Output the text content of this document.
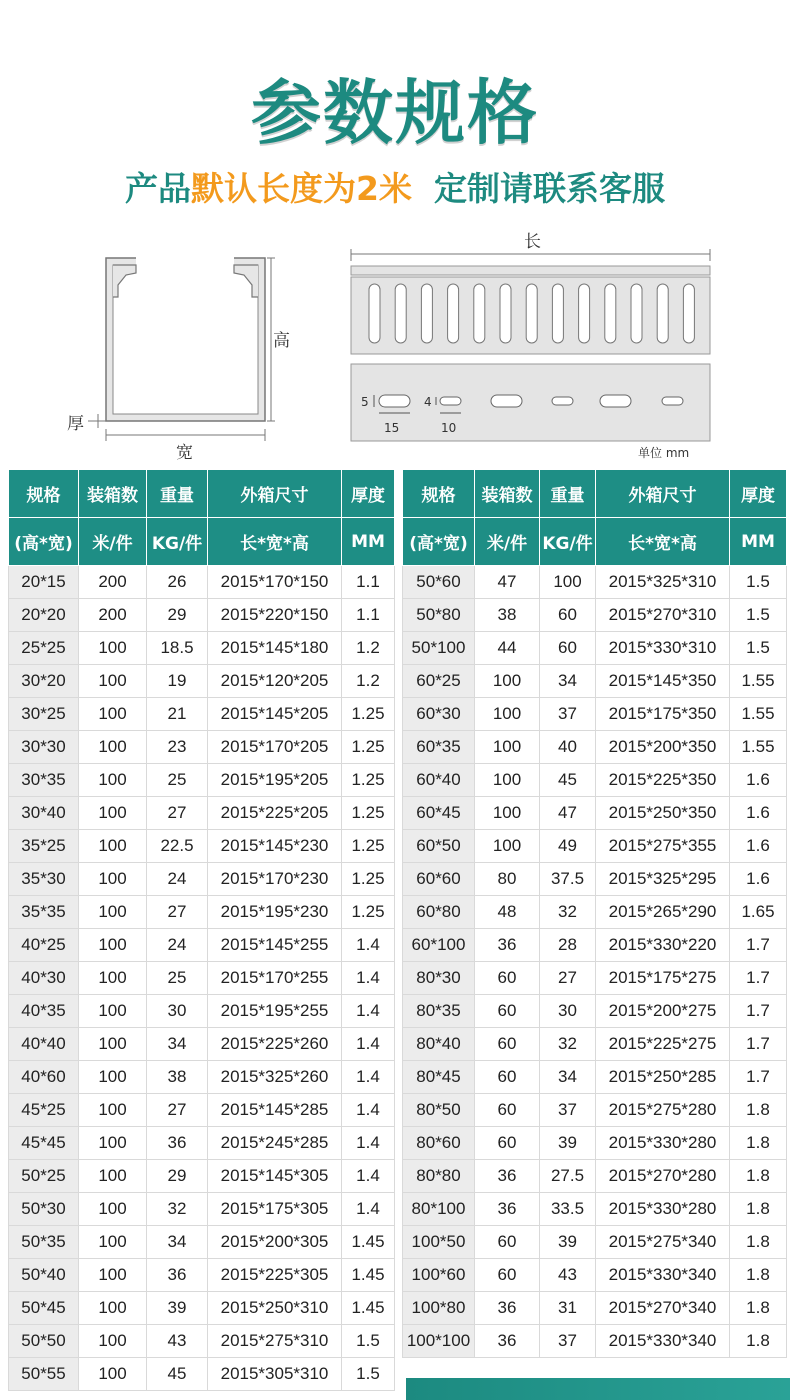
参数规格
产品默认长度为2米 定制请联系客服
高
宽
厚
长
5
15
4
10
单位 mm
规格	装箱数	重量	外箱尺寸	厚度
(高*宽)	米/件	KG/件	长*宽*高	MM
20*15	200	26	2015*170*150	1.1
20*20	200	29	2015*220*150	1.1
25*25	100	18.5	2015*145*180	1.2
30*20	100	19	2015*120*205	1.2
30*25	100	21	2015*145*205	1.25
30*30	100	23	2015*170*205	1.25
30*35	100	25	2015*195*205	1.25
30*40	100	27	2015*225*205	1.25
35*25	100	22.5	2015*145*230	1.25
35*30	100	24	2015*170*230	1.25
35*35	100	27	2015*195*230	1.25
40*25	100	24	2015*145*255	1.4
40*30	100	25	2015*170*255	1.4
40*35	100	30	2015*195*255	1.4
40*40	100	34	2015*225*260	1.4
40*60	100	38	2015*325*260	1.4
45*25	100	27	2015*145*285	1.4
45*45	100	36	2015*245*285	1.4
50*25	100	29	2015*145*305	1.4
50*30	100	32	2015*175*305	1.4
50*35	100	34	2015*200*305	1.45
50*40	100	36	2015*225*305	1.45
50*45	100	39	2015*250*310	1.45
50*50	100	43	2015*275*310	1.5
50*55	100	45	2015*305*310	1.5
规格	装箱数	重量	外箱尺寸	厚度
(高*宽)	米/件	KG/件	长*宽*高	MM
50*60	47	100	2015*325*310	1.5
50*80	38	60	2015*270*310	1.5
50*100	44	60	2015*330*310	1.5
60*25	100	34	2015*145*350	1.55
60*30	100	37	2015*175*350	1.55
60*35	100	40	2015*200*350	1.55
60*40	100	45	2015*225*350	1.6
60*45	100	47	2015*250*350	1.6
60*50	100	49	2015*275*355	1.6
60*60	80	37.5	2015*325*295	1.6
60*80	48	32	2015*265*290	1.65
60*100	36	28	2015*330*220	1.7
80*30	60	27	2015*175*275	1.7
80*35	60	30	2015*200*275	1.7
80*40	60	32	2015*225*275	1.7
80*45	60	34	2015*250*285	1.7
80*50	60	37	2015*275*280	1.8
80*60	60	39	2015*330*280	1.8
80*80	36	27.5	2015*270*280	1.8
80*100	36	33.5	2015*330*280	1.8
100*50	60	39	2015*275*340	1.8
100*60	60	43	2015*330*340	1.8
100*80	36	31	2015*270*340	1.8
100*100	36	37	2015*330*340	1.8
